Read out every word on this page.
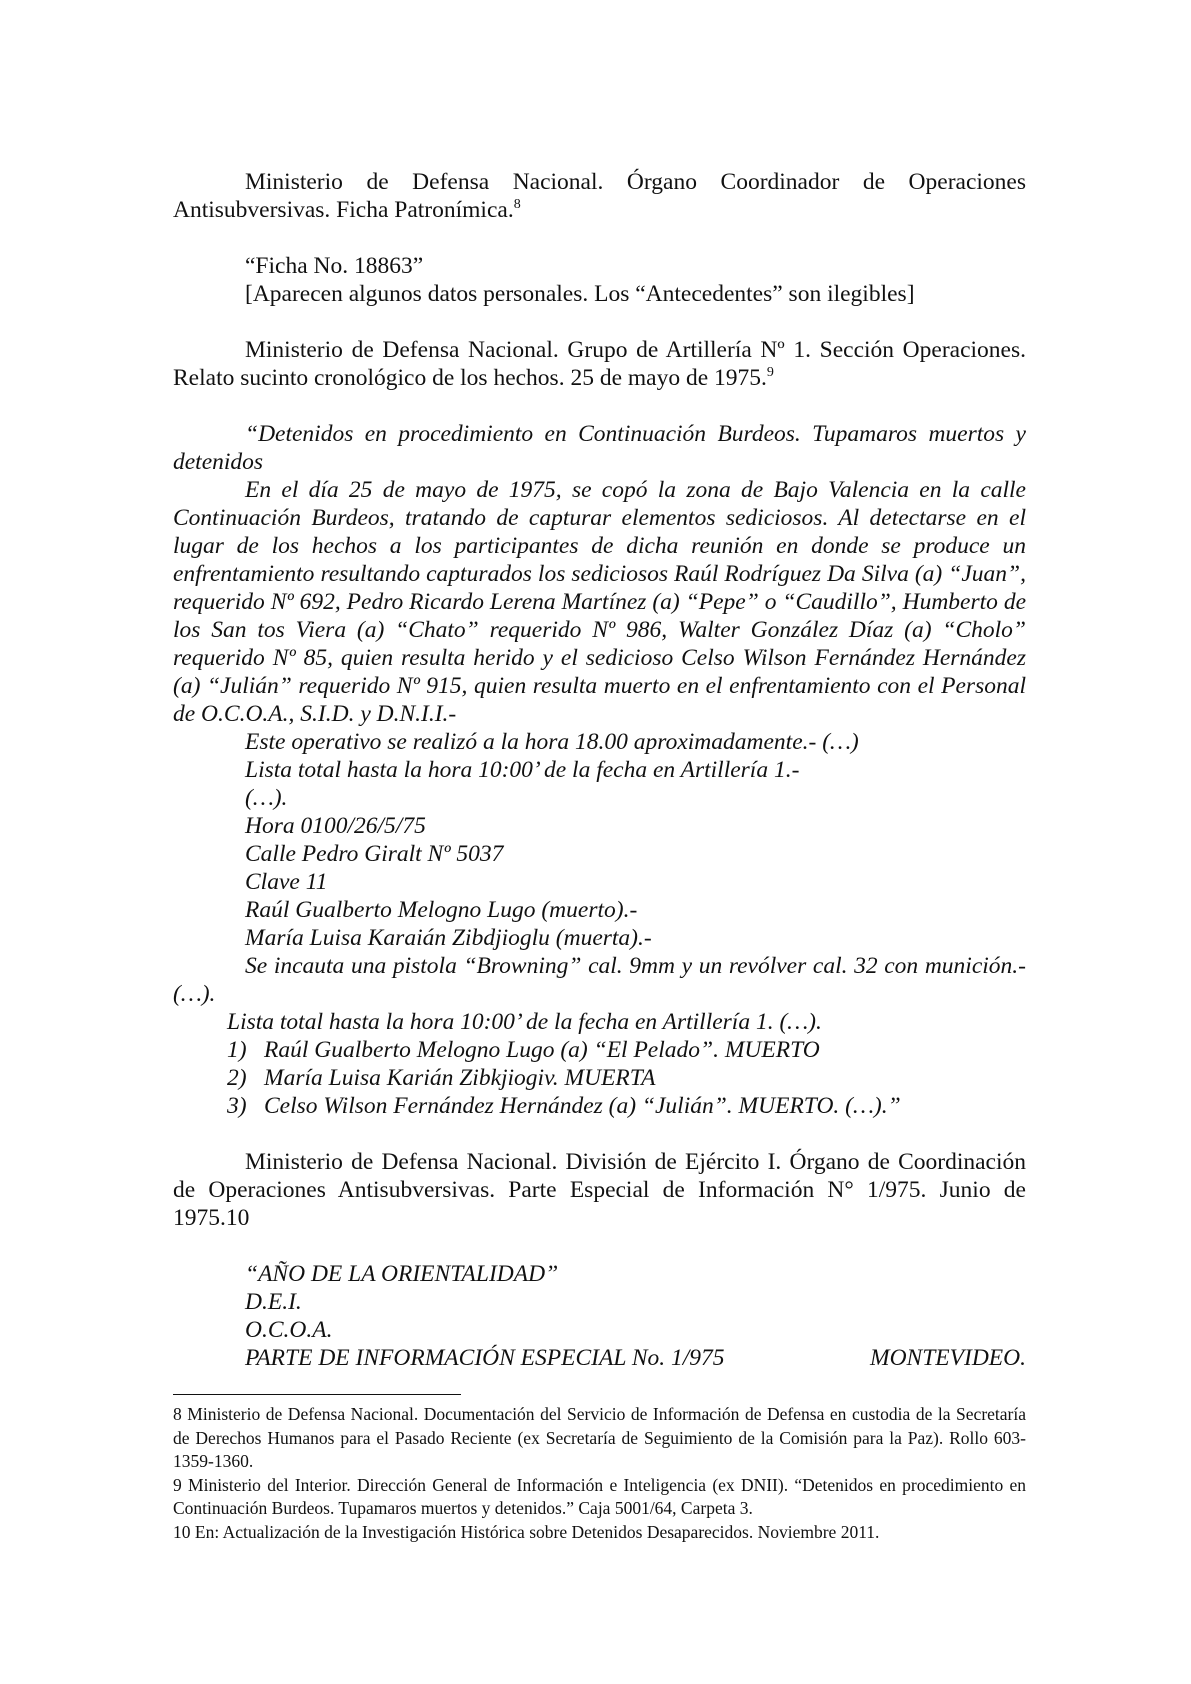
Ministerio de Defensa Nacional. Órgano Coordinador de Operaciones Antisubversivas. Ficha Patronímica.$^8$

“Ficha No. 18863”

[Aparecen algunos datos personales. Los “Antecedentes” son ilegibles]

Ministerio de Defensa Nacional. Grupo de Artillería Nº 1. Sección Operaciones. Relato sucinto cronológico de los hechos. 25 de mayo de 1975.$^9$

“Detenidos en procedimiento en Continuación Burdeos. Tupamaros muertos y detenidos

En el día 25 de mayo de 1975, se copó la zona de Bajo Valencia en la calle Continuación Burdeos, tratando de capturar elementos sediciosos. Al detectarse en el lugar de los hechos a los participantes de dicha reunión en donde se produce un enfrentamiento resultando capturados los sediciosos Raúl Rodríguez Da Silva (a) “Juan”, requerido Nº 692, Pedro Ricardo Lerena Martínez (a) “Pepe” o “Caudillo”, Humberto de los San tos Viera (a) “Chato” requerido Nº 986, Walter González Díaz (a) “Cholo” requerido Nº 85, quien resulta herido y el sedicioso Celso Wilson Fernández Hernández (a) “Julián” requerido Nº 915, quien resulta muerto en el enfrentamiento con el Personal de O.C.O.A., S.I.D. y D.N.I.I.-

Este operativo se realizó a la hora 18.00 aproximadamente.- (…)

Lista total hasta la hora 10:00’ de la fecha en Artillería 1.-

(…).

Hora 0100/26/5/75

Calle Pedro Giralt Nº 5037

Clave 11

Raúl Gualberto Melogno Lugo (muerto).-

María Luisa Karaián Zibdjioglu (muerta).-

Se incauta una pistola “Browning” cal. 9mm y un revólver cal. 32 con munición.- (…).

Lista total hasta la hora 10:00’ de la fecha en Artillería 1. (…).

1) Raúl Gualberto Melogno Lugo (a) “El Pelado”. MUERTO
2) María Luisa Karián Zibkjiogiv. MUERTA
3) Celso Wilson Fernández Hernández (a) “Julián”. MUERTO. (…).”

Ministerio de Defensa Nacional. División de Ejército I. Órgano de Coordinación de Operaciones Antisubversivas. Parte Especial de Información N° 1/975. Junio de 1975.10

“AÑO DE LA ORIENTALIDAD”

D.E.I.

O.C.O.A.

PARTE DE INFORMACIÓN ESPECIAL No. 1/975	MONTEVIDEO.

8 Ministerio de Defensa Nacional. Documentación del Servicio de Información de Defensa en custodia de la Secretaría de Derechos Humanos para el Pasado Reciente (ex Secretaría de Seguimiento de la Comisión para la Paz). Rollo 603-1359-1360.

9 Ministerio del Interior. Dirección General de Información e Inteligencia (ex DNII). “Detenidos en procedimiento en Continuación Burdeos. Tupamaros muertos y detenidos.” Caja 5001/64, Carpeta 3.

10 En: Actualización de la Investigación Histórica sobre Detenidos Desaparecidos. Noviembre 2011.
